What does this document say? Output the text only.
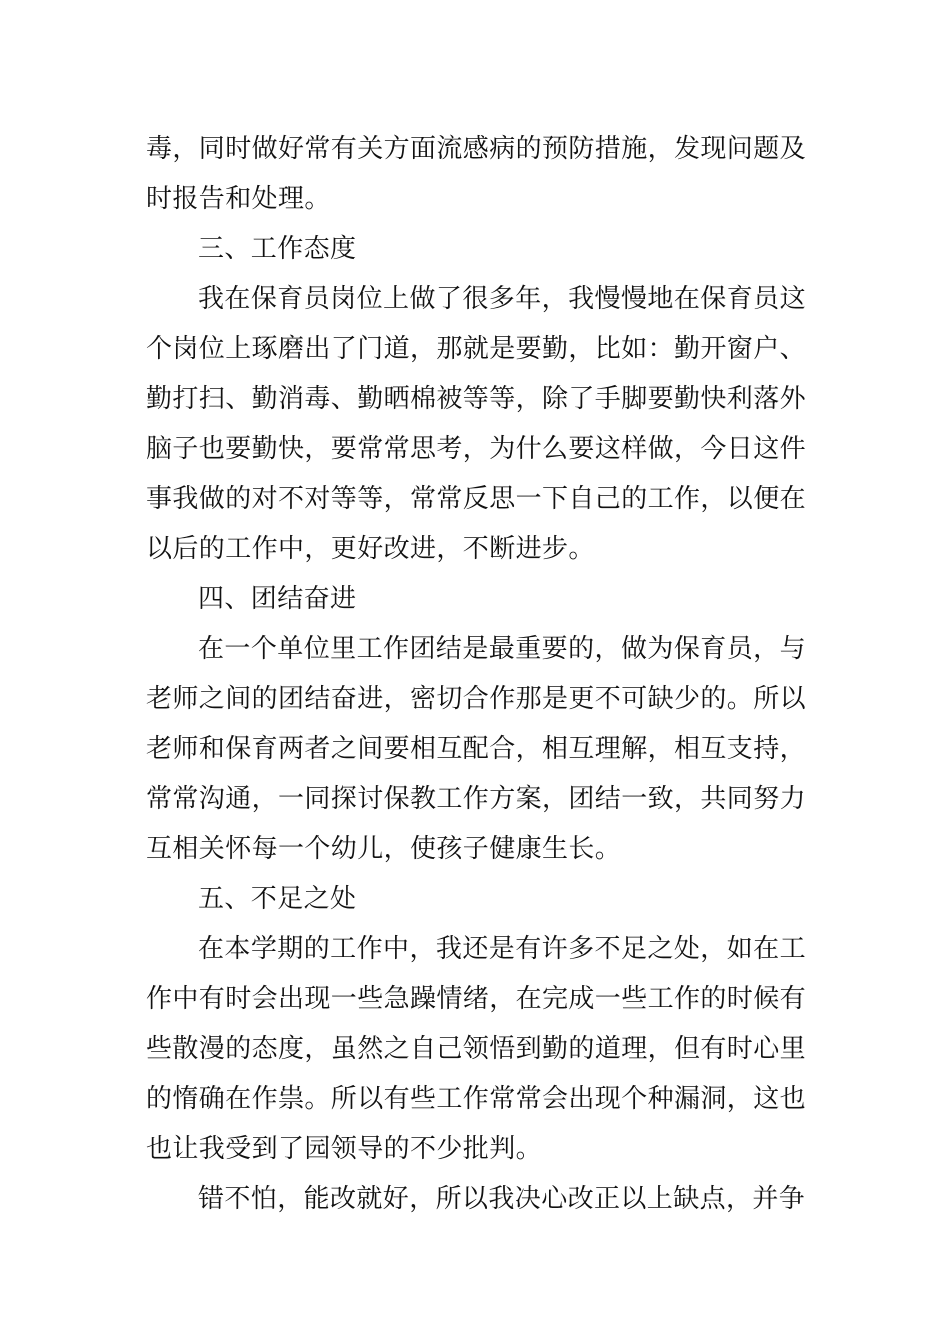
毒，同时做好常有关方面流感病的预防措施，发现问题及时报告和处理。

三、工作态度

我在保育员岗位上做了很多年，我慢慢地在保育员这个岗位上琢磨出了门道，那就是要勤，比如：勤开窗户、勤打扫、勤消毒、勤晒棉被等等，除了手脚要勤快利落外脑子也要勤快，要常常思考，为什么要这样做，今日这件事我做的对不对等等，常常反思一下自己的工作，以便在以后的工作中，更好改进，不断进步。

四、团结奋进

在一个单位里工作团结是最重要的，做为保育员，与老师之间的团结奋进，密切合作那是更不可缺少的。所以老师和保育两者之间要相互配合，相互理解，相互支持，常常沟通，一同探讨保教工作方案，团结一致，共同努力互相关怀每一个幼儿，使孩子健康生长。

五、不足之处

在本学期的工作中，我还是有许多不足之处，如在工作中有时会出现一些急躁情绪，在完成一些工作的时候有些散漫的态度，虽然之自己领悟到勤的道理，但有时心里的惰确在作祟。所以有些工作常常会出现个种漏洞，这也也让我受到了园领导的不少批判。

错不怕，能改就好，所以我决心改正以上缺点，并争
